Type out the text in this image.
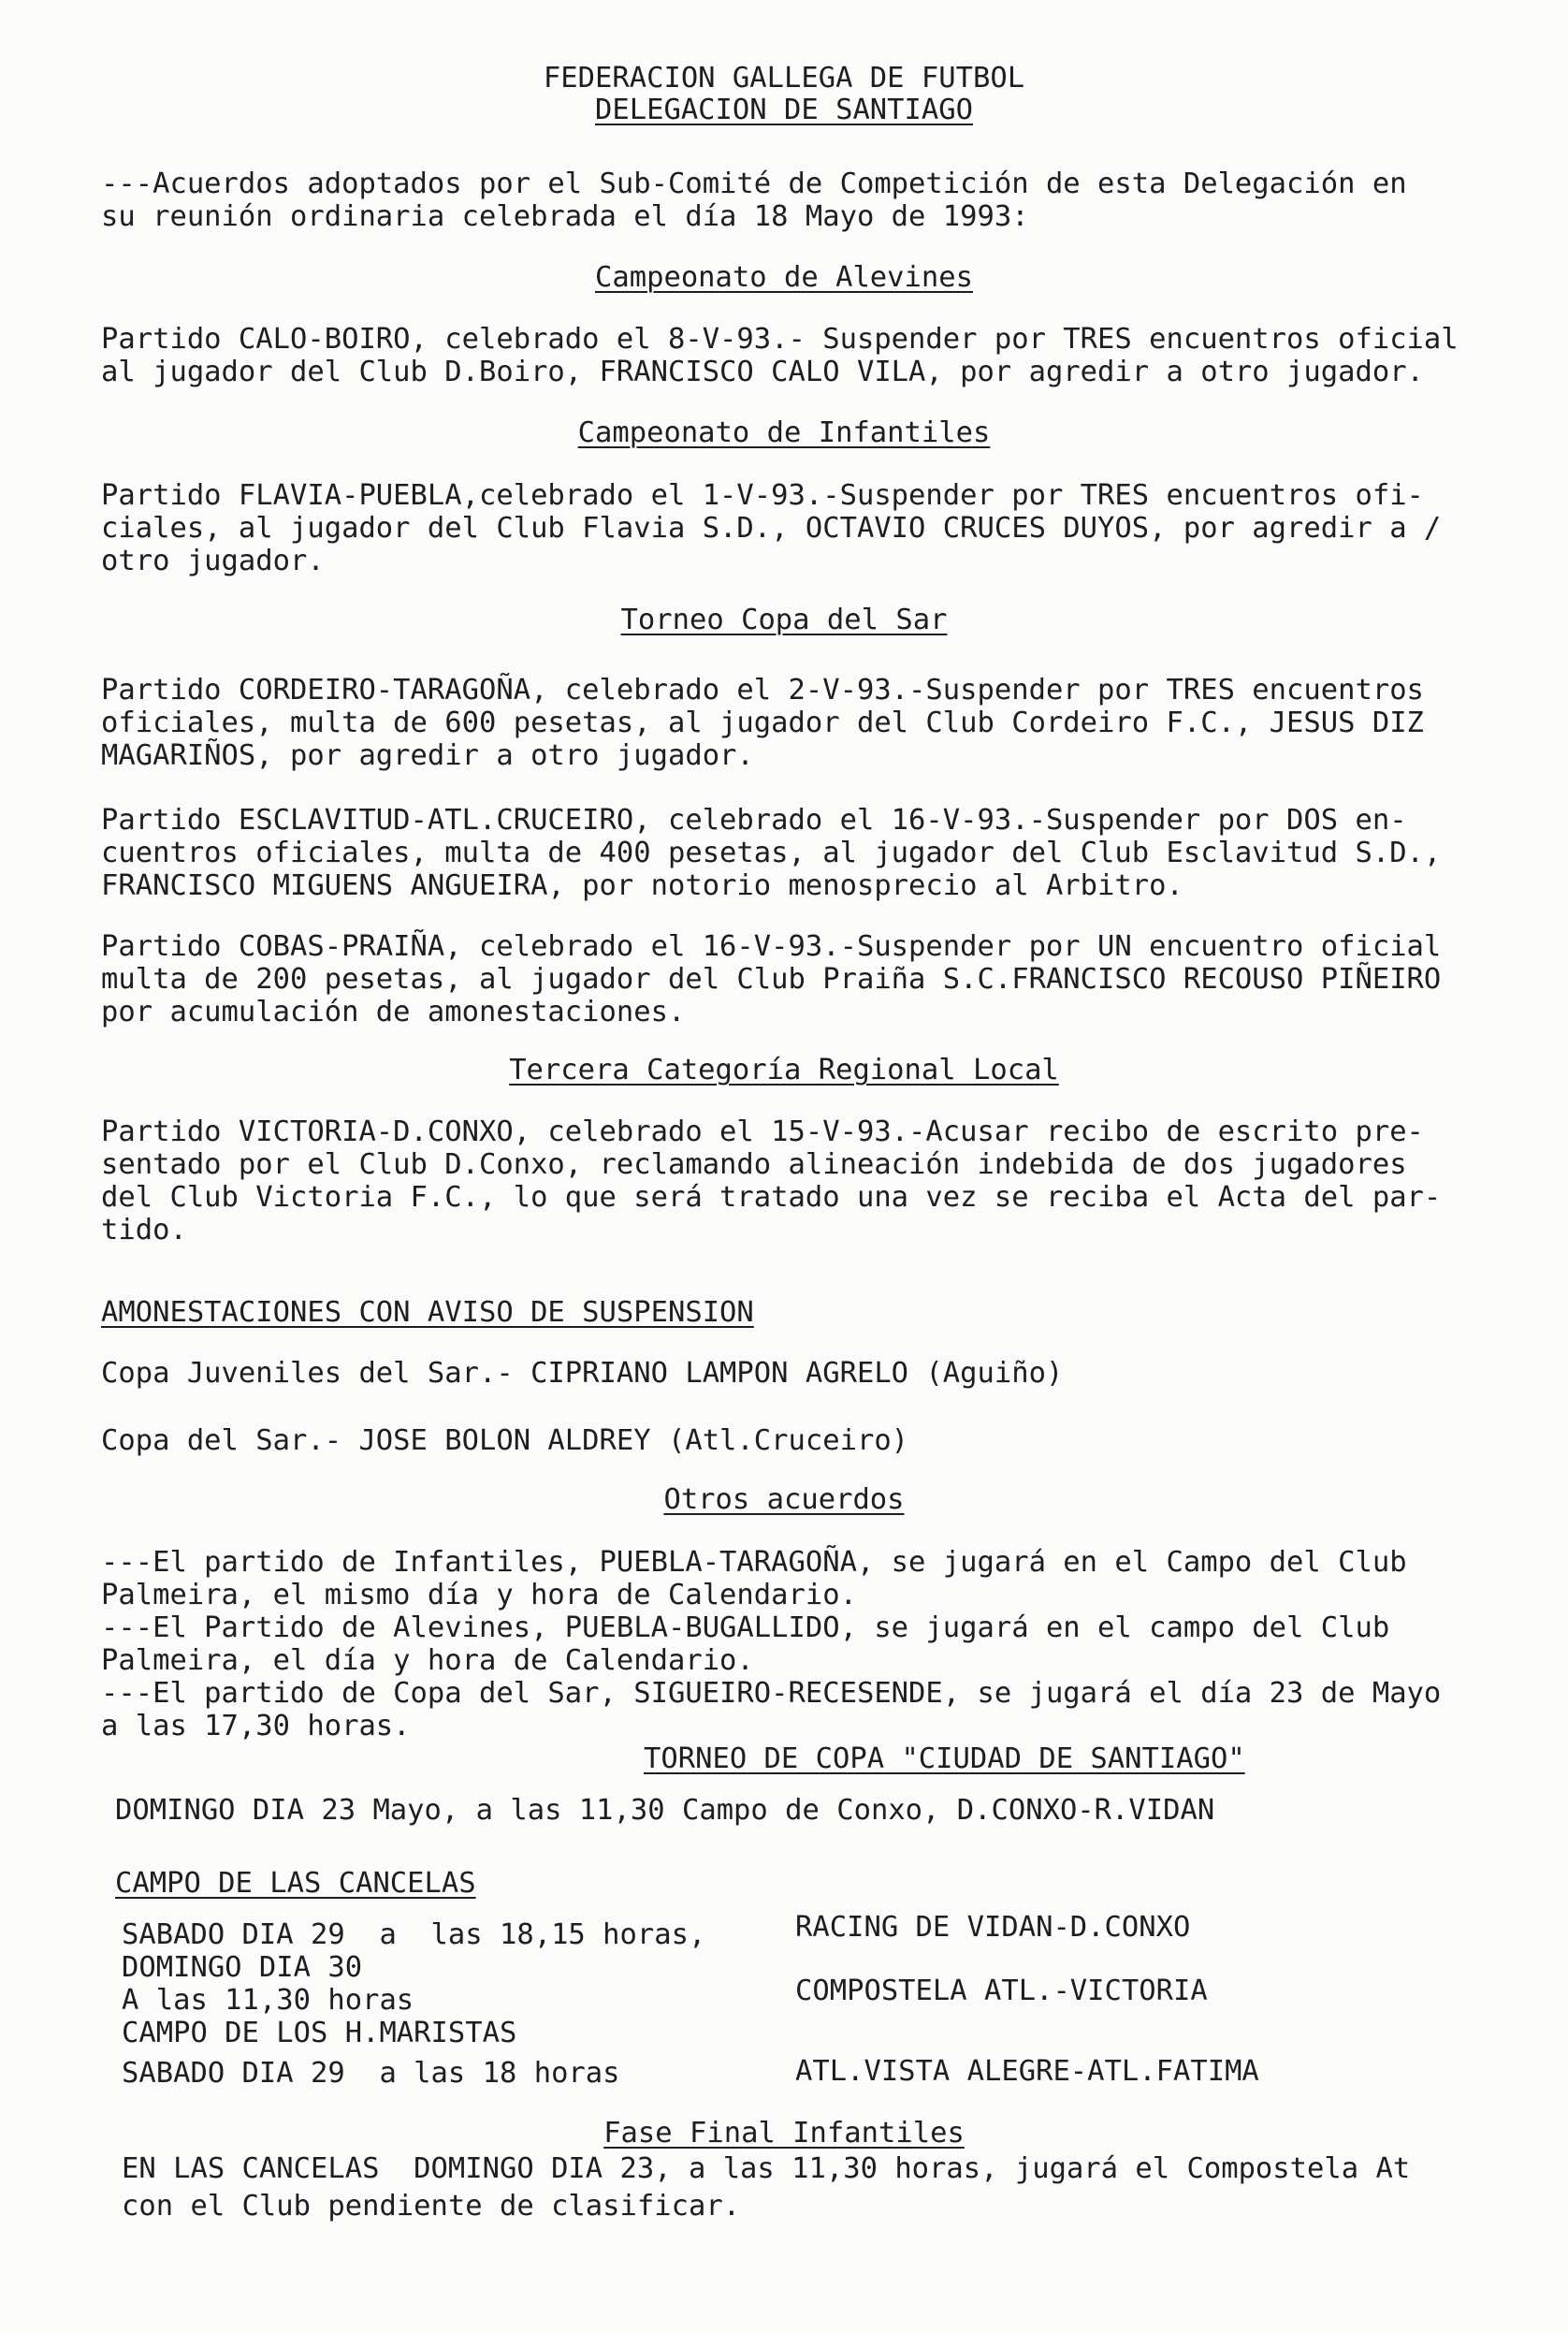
FEDERACION GALLEGA DE FUTBOL

DELEGACION DE SANTIAGO

---Acuerdos adoptados por el Sub-Comité de Competición de esta Delegación en

su reunión ordinaria celebrada el día 18 Mayo de 1993:

Campeonato de Alevines

Partido CALO-BOIRO, celebrado el 8-V-93.- Suspender por TRES encuentros oficial

al jugador del Club D.Boiro, FRANCISCO CALO VILA, por agredir a otro jugador.

Campeonato de Infantiles

Partido FLAVIA-PUEBLA,celebrado el 1-V-93.-Suspender por TRES encuentros ofi-

ciales, al jugador del Club Flavia S.D., OCTAVIO CRUCES DUYOS, por agredir a /

otro jugador.

Torneo Copa del Sar

Partido CORDEIRO-TARAGOÑA, celebrado el 2-V-93.-Suspender por TRES encuentros

oficiales, multa de 600 pesetas, al jugador del Club Cordeiro F.C., JESUS DIZ

MAGARIÑOS, por agredir a otro jugador.

Partido ESCLAVITUD-ATL.CRUCEIRO, celebrado el 16-V-93.-Suspender por DOS en-

cuentros oficiales, multa de 400 pesetas, al jugador del Club Esclavitud S.D.,

FRANCISCO MIGUENS ANGUEIRA, por notorio menosprecio al Arbitro.

Partido COBAS-PRAIÑA, celebrado el 16-V-93.-Suspender por UN encuentro oficial

multa de 200 pesetas, al jugador del Club Praiña S.C.FRANCISCO RECOUSO PIÑEIRO

por acumulación de amonestaciones.

Tercera Categoría Regional Local

Partido VICTORIA-D.CONXO, celebrado el 15-V-93.-Acusar recibo de escrito pre-

sentado por el Club D.Conxo, reclamando alineación indebida de dos jugadores

del Club Victoria F.C., lo que será tratado una vez se reciba el Acta del par-

tido.

AMONESTACIONES CON AVISO DE SUSPENSION

Copa Juveniles del Sar.- CIPRIANO LAMPON AGRELO (Aguiño)

Copa del Sar.- JOSE BOLON ALDREY (Atl.Cruceiro)

Otros acuerdos

---El partido de Infantiles, PUEBLA-TARAGOÑA, se jugará en el Campo del Club

Palmeira, el mismo día y hora de Calendario.

---El Partido de Alevines, PUEBLA-BUGALLIDO, se jugará en el campo del Club

Palmeira, el día y hora de Calendario.

---El partido de Copa del Sar, SIGUEIRO-RECESENDE, se jugará el día 23 de Mayo

a las 17,30 horas.

TORNEO DE COPA "CIUDAD DE SANTIAGO"

DOMINGO DIA 23 Mayo, a las 11,30 Campo de Conxo, D.CONXO-R.VIDAN

CAMPO DE LAS CANCELAS

SABADO DIA 29  a  las 18,15 horas,	RACING DE VIDAN-D.CONXO

DOMINGO DIA 30

A las 11,30 horas	COMPOSTELA ATL.-VICTORIA

CAMPO DE LOS H.MARISTAS

SABADO DIA 29  a las 18 horas	ATL.VISTA ALEGRE-ATL.FATIMA

Fase Final Infantiles

EN LAS CANCELAS  DOMINGO DIA 23, a las 11,30 horas, jugará el Compostela At

con el Club pendiente de clasificar.
